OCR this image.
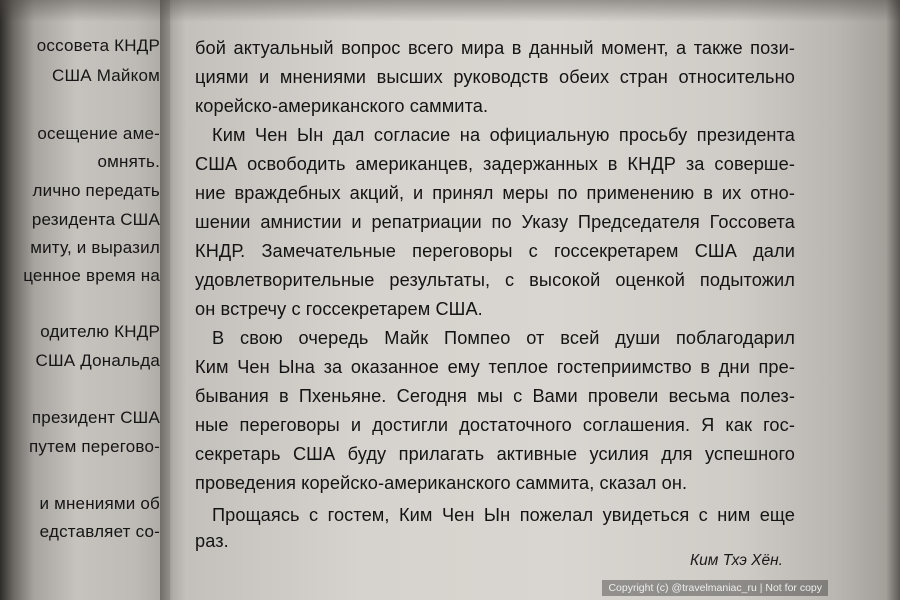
оссовета КНДР
США Майком
осещение аме-
омнять.
лично передать
резидента США
миту, и выразил
ценное время на
одителю КНДР
США Дональда
президент США
путем перегово-
и мнениями об
едставляет со-
бой актуальный вопрос всего мира в данный момент, а также пози-
циями и мнениями высших руководств обеих стран относительно
корейско-американского саммита.
Ким Чен Ын дал согласие на официальную просьбу президента
США освободить американцев, задержанных в КНДР за соверше-
ние враждебных акций, и принял меры по применению в их отно-
шении амнистии и репатриации по Указу Председателя Госсовета
КНДР. Замечательные переговоры с госсекретарем США дали
удовлетворительные результаты, с высокой оценкой подытожил
он встречу с госсекретарем США.
В свою очередь Майк Помпео от всей души поблагодарил
Ким Чен Ына за оказанное ему теплое гостеприимство в дни пре-
бывания в Пхеньяне. Сегодня мы с Вами провели весьма полез-
ные переговоры и достигли достаточного соглашения. Я как гос-
секретарь США буду прилагать активные усилия для успешного
проведения корейско-американского саммита, сказал он.
Прощаясь с гостем, Ким Чен Ын пожелал увидеться с ним еще
раз.
Ким Тхэ Хён.
Copyright (c) @travelmaniac_ru | Not for copy
